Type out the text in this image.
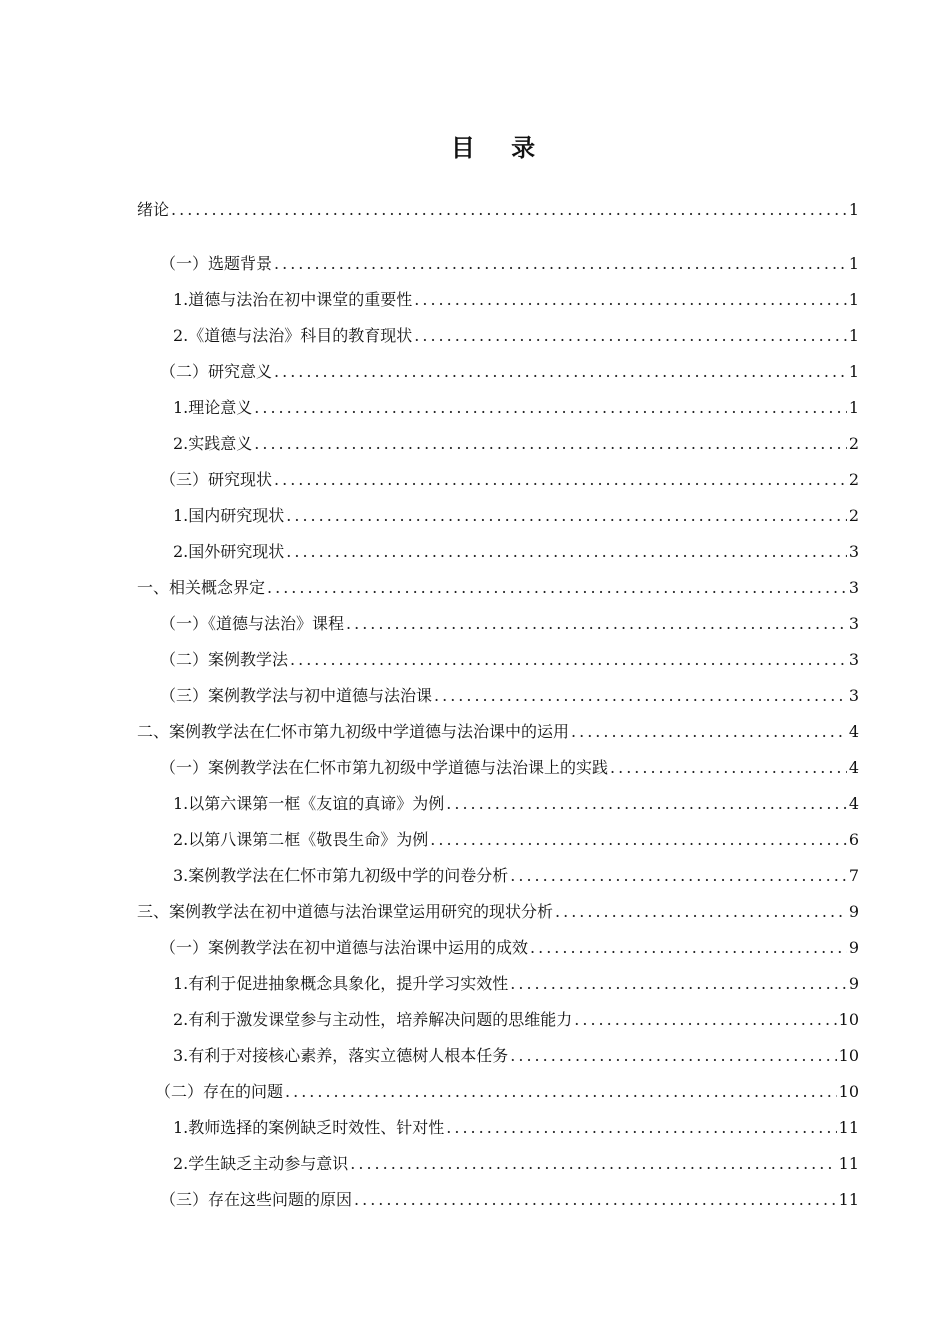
目 录
绪论 .....	1
（一）选题背景 .....	1
1.道德与法治在初中课堂的重要性 .....	1
2.《道德与法治》科目的教育现状 .....	1
（二）研究意义 .....	1
1.理论意义 .....	1
2.实践意义 .....	2
（三）研究现状 .....	2
1.国内研究现状 .....	2
2.国外研究现状 .....	3
一、相关概念界定 .....	3
（一）《道德与法治》课程 .....	3
（二）案例教学法 .....	3
（三）案例教学法与初中道德与法治课 .....	3
二、案例教学法在仁怀市第九初级中学道德与法治课中的运用 .....	4
（一）案例教学法在仁怀市第九初级中学道德与法治课上的实践 .....	4
1.以第六课第一框《友谊的真谛》为例 .....	4
2.以第八课第二框《敬畏生命》为例 .....	6
3.案例教学法在仁怀市第九初级中学的问卷分析 .....	7
三、案例教学法在初中道德与法治课堂运用研究的现状分析 .....	9
（一）案例教学法在初中道德与法治课中运用的成效 .....	9
1.有利于促进抽象概念具象化，提升学习实效性 .....	9
2.有利于激发课堂参与主动性，培养解决问题的思维能力 .....	10
3.有利于对接核心素养，落实立德树人根本任务 .....	10
（二）存在的问题 .....	10
1.教师选择的案例缺乏时效性、针对性 .....	11
2.学生缺乏主动参与意识 .....	11
（三）存在这些问题的原因 .....	11
